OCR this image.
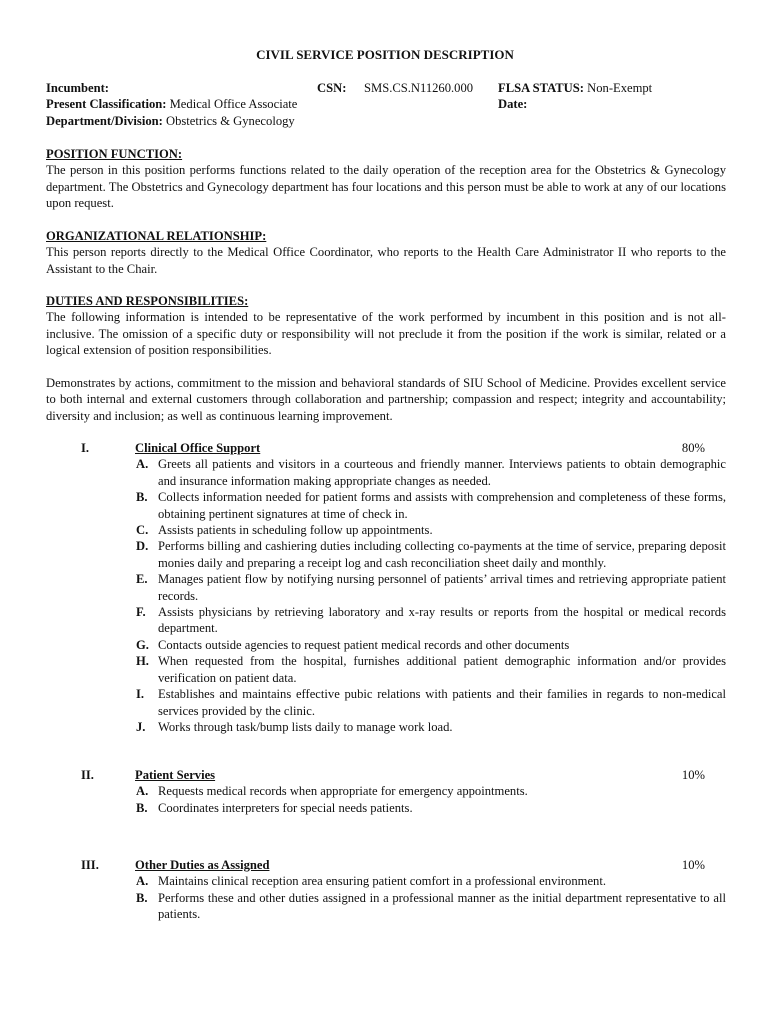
CIVIL SERVICE POSITION DESCRIPTION
Incumbent:	CSN: SMS.CS.N11260.000 FLSA STATUS: Non-Exempt
Present Classification: Medical Office Associate	Date:
Department/Division: Obstetrics & Gynecology
POSITION FUNCTION:
The person in this position performs functions related to the daily operation of the reception area for the Obstetrics & Gynecology department. The Obstetrics and Gynecology department has four locations and this person must be able to work at any of our locations upon request.
ORGANIZATIONAL RELATIONSHIP:
This person reports directly to the Medical Office Coordinator, who reports to the Health Care Administrator II who reports to the Assistant to the Chair.
DUTIES AND RESPONSIBILITIES:
The following information is intended to be representative of the work performed by incumbent in this position and is not all-inclusive. The omission of a specific duty or responsibility will not preclude it from the position if the work is similar, related or a logical extension of position responsibilities.
Demonstrates by actions, commitment to the mission and behavioral standards of SIU School of Medicine. Provides excellent service to both internal and external customers through collaboration and partnership; compassion and respect; integrity and accountability; diversity and inclusion; as well as continuous learning improvement.
I.	Clinical Office Support	80%
A. Greets all patients and visitors in a courteous and friendly manner. Interviews patients to obtain demographic and insurance information making appropriate changes as needed.
B. Collects information needed for patient forms and assists with comprehension and completeness of these forms, obtaining pertinent signatures at time of check in.
C. Assists patients in scheduling follow up appointments.
D. Performs billing and cashiering duties including collecting co-payments at the time of service, preparing deposit monies daily and preparing a receipt log and cash reconciliation sheet daily and monthly.
E. Manages patient flow by notifying nursing personnel of patients’ arrival times and retrieving appropriate patient records.
F. Assists physicians by retrieving laboratory and x-ray results or reports from the hospital or medical records department.
G. Contacts outside agencies to request patient medical records and other documents
H. When requested from the hospital, furnishes additional patient demographic information and/or provides verification on patient data.
I. Establishes and maintains effective pubic relations with patients and their families in regards to non-medical services provided by the clinic.
J. Works through task/bump lists daily to manage work load.
II.	Patient Servies	10%
A. Requests medical records when appropriate for emergency appointments.
B. Coordinates interpreters for special needs patients.
III.	Other Duties as Assigned	10%
A. Maintains clinical reception area ensuring patient comfort in a professional environment.
B. Performs these and other duties assigned in a professional manner as the initial department representative to all patients.
